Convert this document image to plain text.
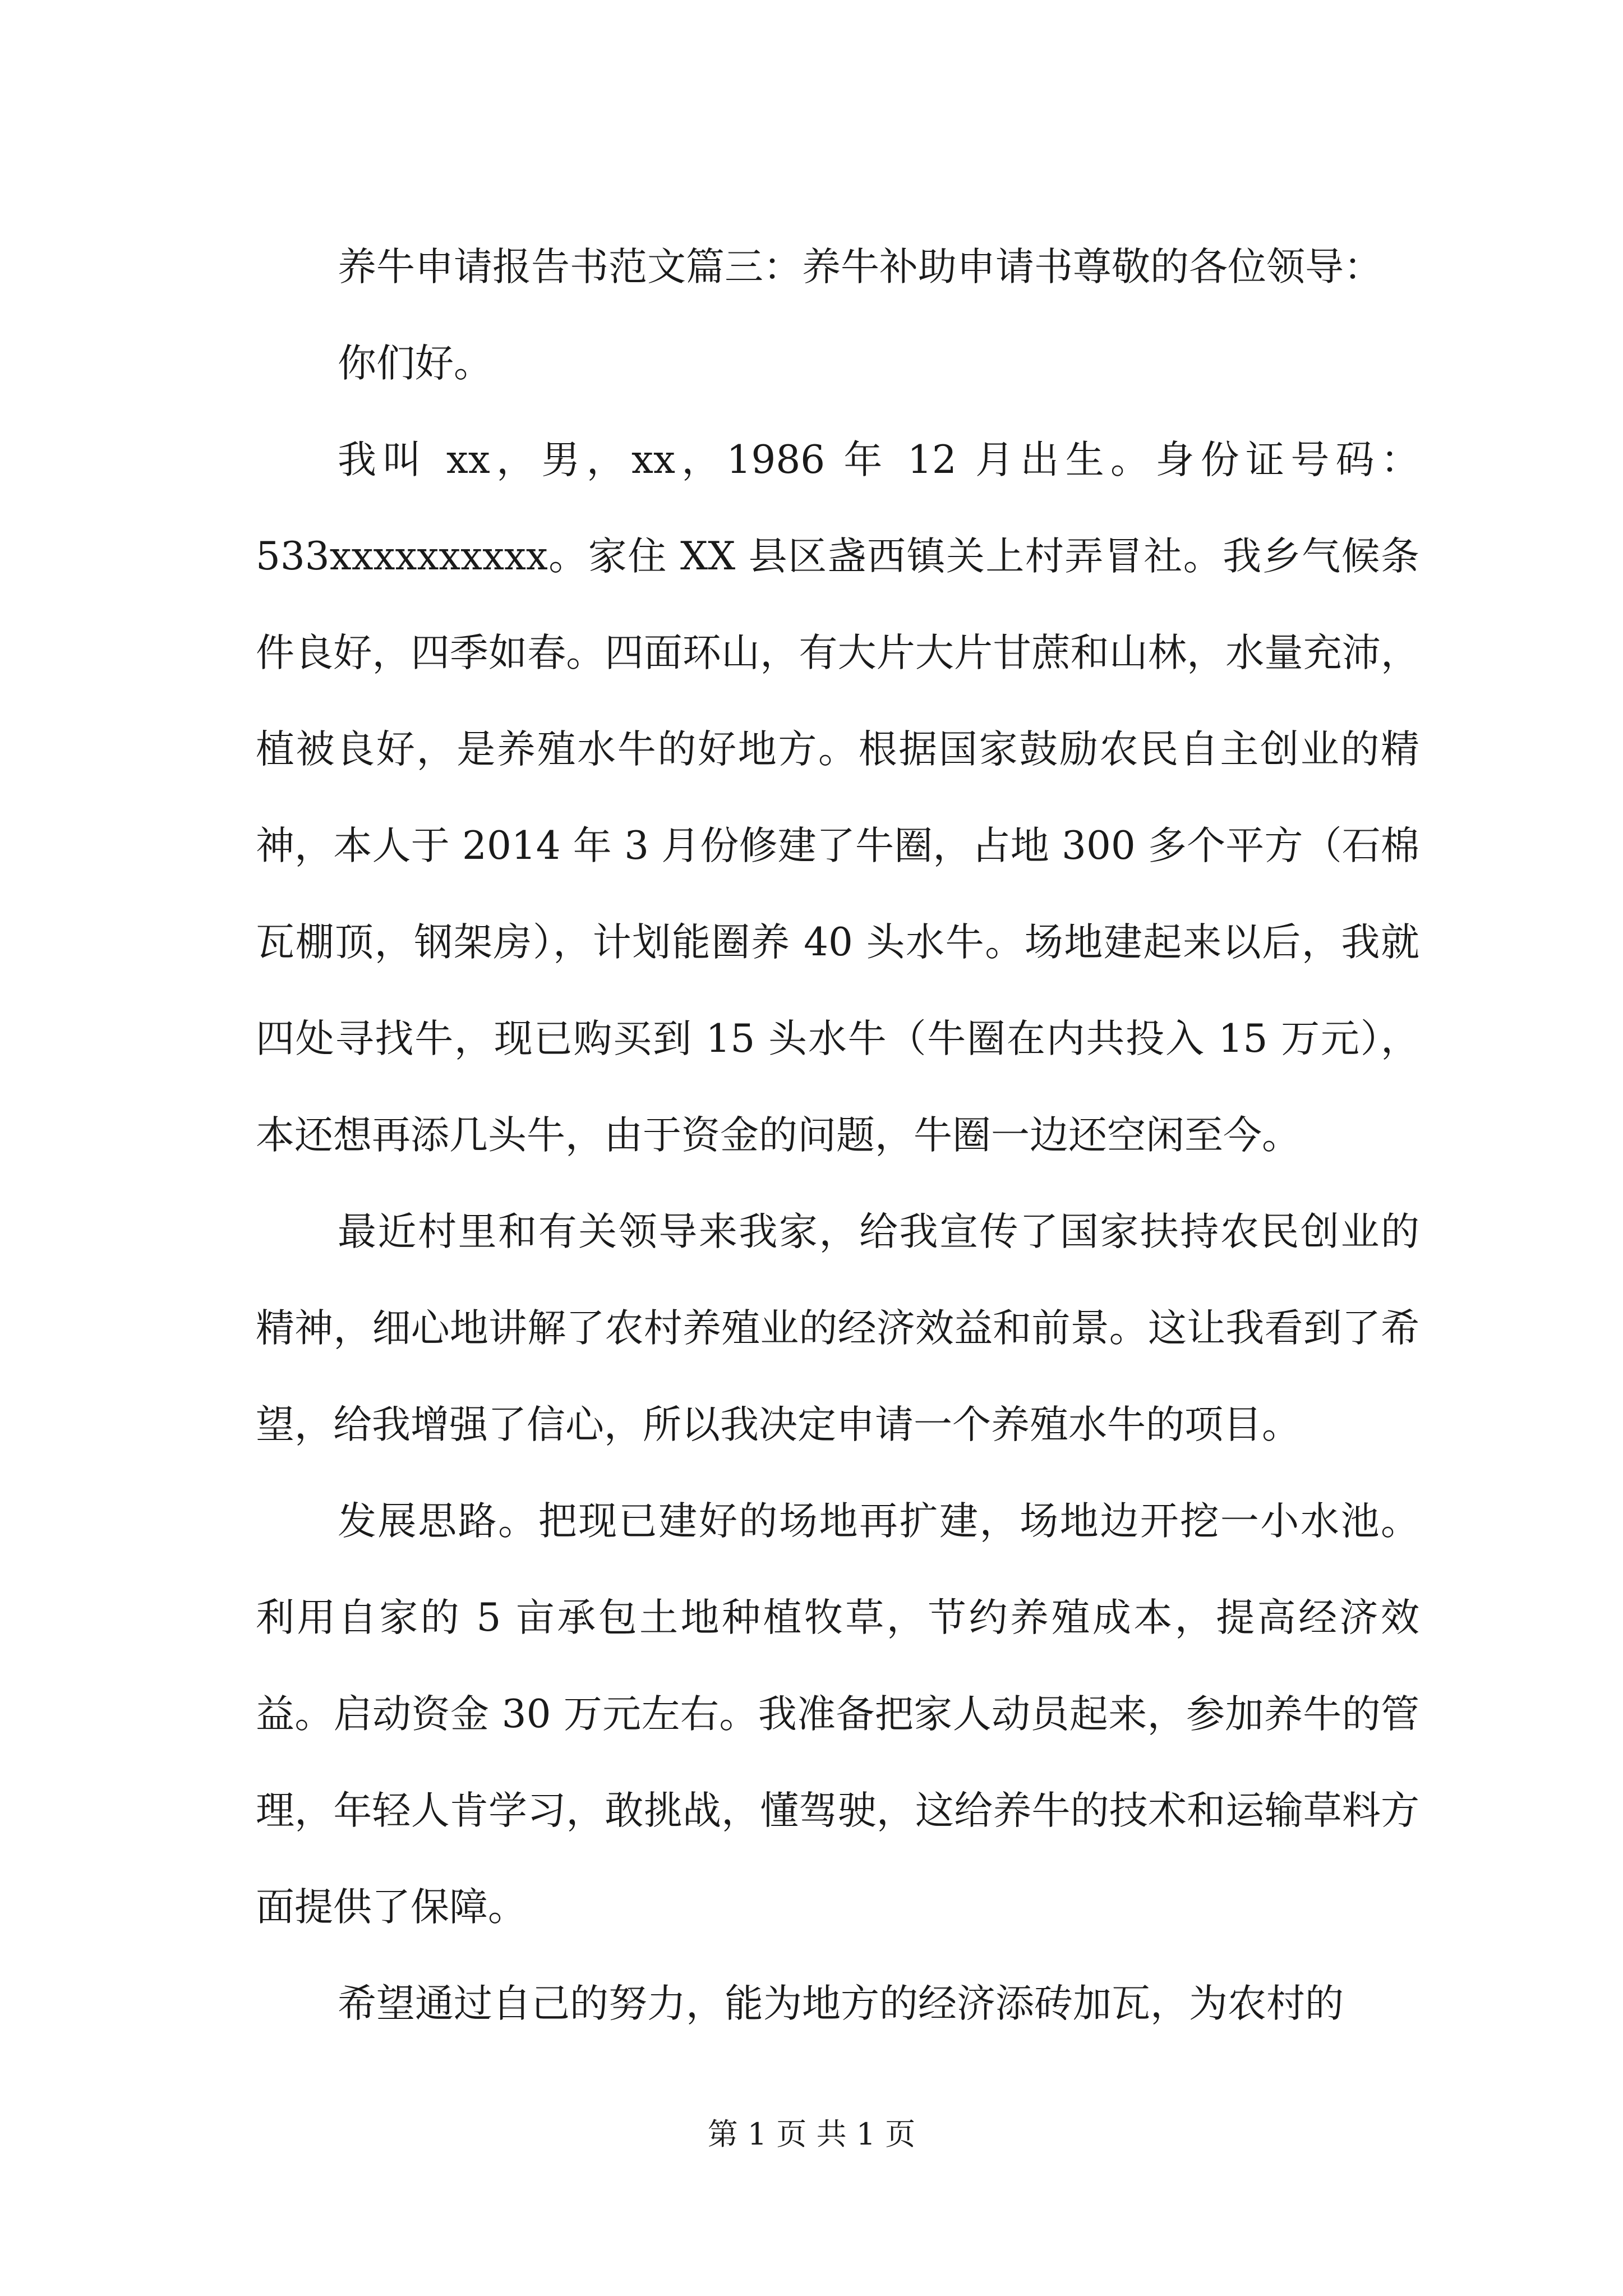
养牛申请报告书范文篇三：养牛补助申请书尊敬的各位领导：

你们好。

我叫 xx，男，xx，1986 年 12 月出生。身份证号码：533xxxxxxxxxx。家住 XX 县区盏西镇关上村弄冒社。我乡气候条件良好，四季如春。四面环山，有大片大片甘蔗和山林，水量充沛，植被良好，是养殖水牛的好地方。根据国家鼓励农民自主创业的精神，本人于 2014 年 3 月份修建了牛圈，占地 300 多个平方（石棉瓦棚顶，钢架房），计划能圈养 40 头水牛。场地建起来以后，我就四处寻找牛，现已购买到 15 头水牛（牛圈在内共投入 15 万元），本还想再添几头牛，由于资金的问题，牛圈一边还空闲至今。

最近村里和有关领导来我家，给我宣传了国家扶持农民创业的精神，细心地讲解了农村养殖业的经济效益和前景。这让我看到了希望，给我增强了信心，所以我决定申请一个养殖水牛的项目。

发展思路。把现已建好的场地再扩建，场地边开挖一小水池。利用自家的 5 亩承包土地种植牧草，节约养殖成本，提高经济效益。启动资金 30 万元左右。我准备把家人动员起来，参加养牛的管理，年轻人肯学习，敢挑战，懂驾驶，这给养牛的技术和运输草料方面提供了保障。

希望通过自己的努力，能为地方的经济添砖加瓦，为农村的

第 1 页 共 1 页
